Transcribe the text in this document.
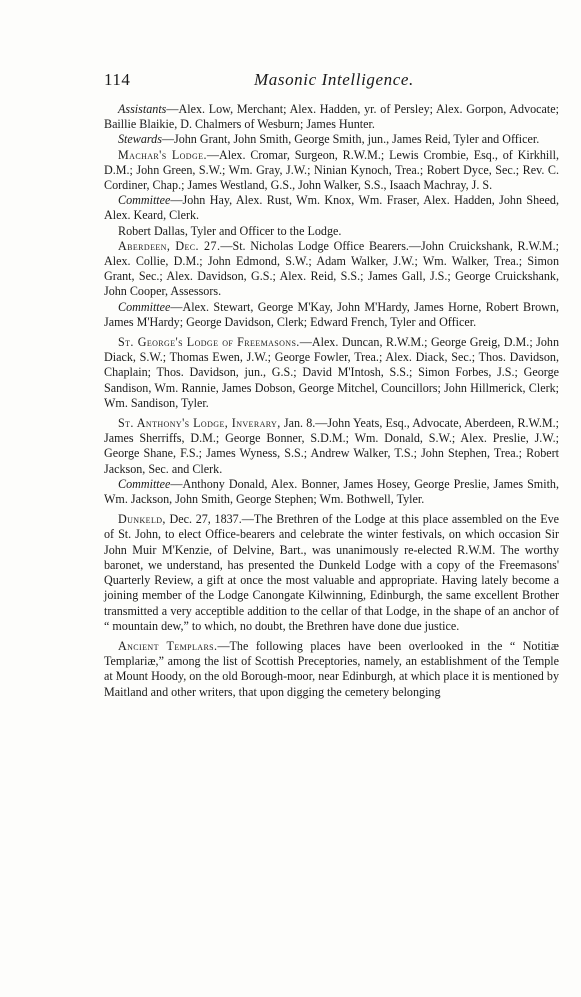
114	Masonic Intelligence.

Assistants—Alex. Low, Merchant; Alex. Hadden, yr. of Persley; Alex. Gorpon, Advocate; Baillie Blaikie, D. Chalmers of Wesburn; James Hunter.

Stewards—John Grant, John Smith, George Smith, jun., James Reid, Tyler and Officer.

Machar's Lodge.—Alex. Cromar, Surgeon, R.W.M.; Lewis Crombie, Esq., of Kirkhill, D.M.; John Green, S.W.; Wm. Gray, J.W.; Ninian Kynoch, Trea.; Robert Dyce, Sec.; Rev. C. Cordiner, Chap.; James Westland, G.S., John Walker, S.S., Isaach Machray, J. S.

Committee—John Hay, Alex. Rust, Wm. Knox, Wm. Fraser, Alex. Hadden, John Sheed, Alex. Keard, Clerk.

Robert Dallas, Tyler and Officer to the Lodge.

Aberdeen, Dec. 27.—St. Nicholas Lodge Office Bearers.—John Cruickshank, R.W.M.; Alex. Collie, D.M.; John Edmond, S.W.; Adam Walker, J.W.; Wm. Walker, Trea.; Simon Grant, Sec.; Alex. Davidson, G.S.; Alex. Reid, S.S.; James Gall, J.S.; George Cruickshank, John Cooper, Assessors.

Committee—Alex. Stewart, George M'Kay, John M'Hardy, James Horne, Robert Brown, James M'Hardy; George Davidson, Clerk; Edward French, Tyler and Officer.

St. George's Lodge of Freemasons.—Alex. Duncan, R.W.M.; George Greig, D.M.; John Diack, S.W.; Thomas Ewen, J.W.; George Fowler, Trea.; Alex. Diack, Sec.; Thos. Davidson, Chaplain; Thos. Davidson, jun., G.S.; David M'Intosh, S.S.; Simon Forbes, J.S.; George Sandison, Wm. Rannie, James Dobson, George Mitchel, Councillors; John Hillmerick, Clerk; Wm. Sandison, Tyler.

St. Anthony's Lodge, Inverary, Jan. 8.—John Yeats, Esq., Advocate, Aberdeen, R.W.M.; James Sherriffs, D.M.; George Bonner, S.D.M.; Wm. Donald, S.W.; Alex. Preslie, J.W.; George Shane, F.S.; James Wyness, S.S.; Andrew Walker, T.S.; John Stephen, Trea.; Robert Jackson, Sec. and Clerk.

Committee—Anthony Donald, Alex. Bonner, James Hosey, George Preslie, James Smith, Wm. Jackson, John Smith, George Stephen; Wm. Bothwell, Tyler.

Dunkeld, Dec. 27, 1837.—The Brethren of the Lodge at this place assembled on the Eve of St. John, to elect Office-bearers and celebrate the winter festivals, on which occasion Sir John Muir M'Kenzie, of Delvine, Bart., was unanimously re-elected R.W.M. The worthy baronet, we understand, has presented the Dunkeld Lodge with a copy of the Freemasons' Quarterly Review, a gift at once the most valuable and appropriate. Having lately become a joining member of the Lodge Canongate Kilwinning, Edinburgh, the same excellent Brother transmitted a very acceptible addition to the cellar of that Lodge, in the shape of an anchor of “ mountain dew,” to which, no doubt, the Brethren have done due justice.

Ancient Templars.—The following places have been overlooked in the “ Notitiæ Templariæ,” among the list of Scottish Preceptories, namely, an establishment of the Temple at Mount Hoody, on the old Borough-moor, near Edinburgh, at which place it is mentioned by Maitland and other writers, that upon digging the cemetery belonging
